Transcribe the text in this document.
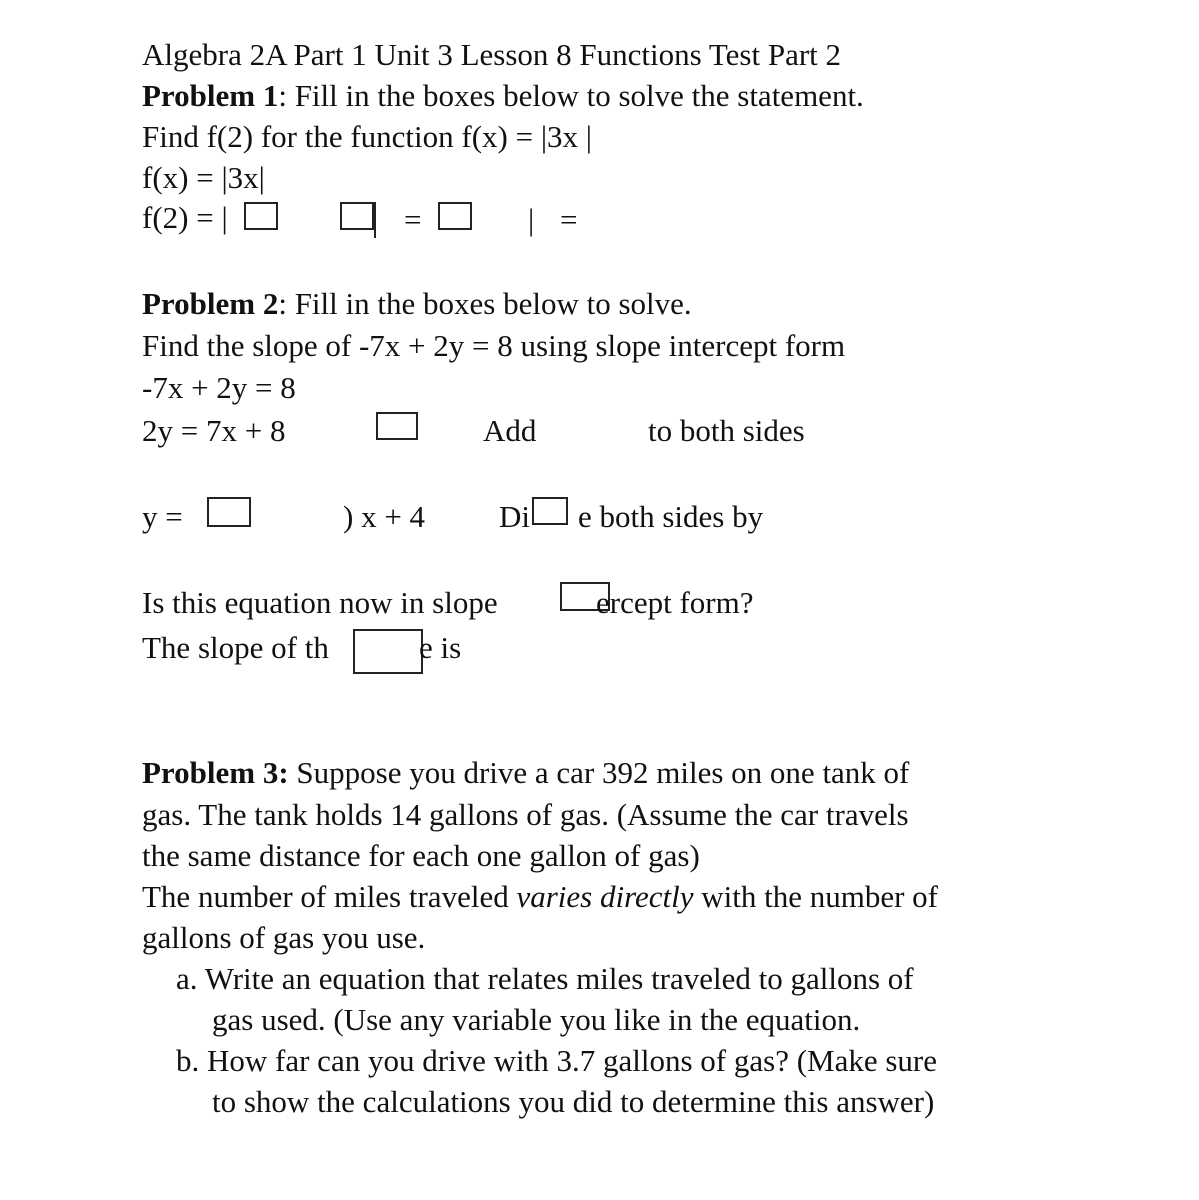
Algebra 2A Part 1 Unit 3 Lesson 8 Functions Test Part 2
Problem 1: Fill in the boxes below to solve the statement.
Find f(2) for the function f(x) = |3x |
f(x) = |3x|
f(2) = |	=	| =
Problem 2: Fill in the boxes below to solve.
Find the slope of -7x + 2y = 8 using slope intercept form
-7x + 2y = 8
2y = 7x + 8	Add	to both sides
y =	) x + 4 Di e both sides by
Is this equation now in slope	ercept form?
The slope of th	e is
Problem 3: Suppose you drive a car 392 miles on one tank of
gas. The tank holds 14 gallons of gas. (Assume the car travels
the same distance for each one gallon of gas)
The number of miles traveled varies directly with the number of
gallons of gas you use.
a. Write an equation that relates miles traveled to gallons of
gas used. (Use any variable you like in the equation.
b. How far can you drive with 3.7 gallons of gas? (Make sure
to show the calculations you did to determine this answer)
